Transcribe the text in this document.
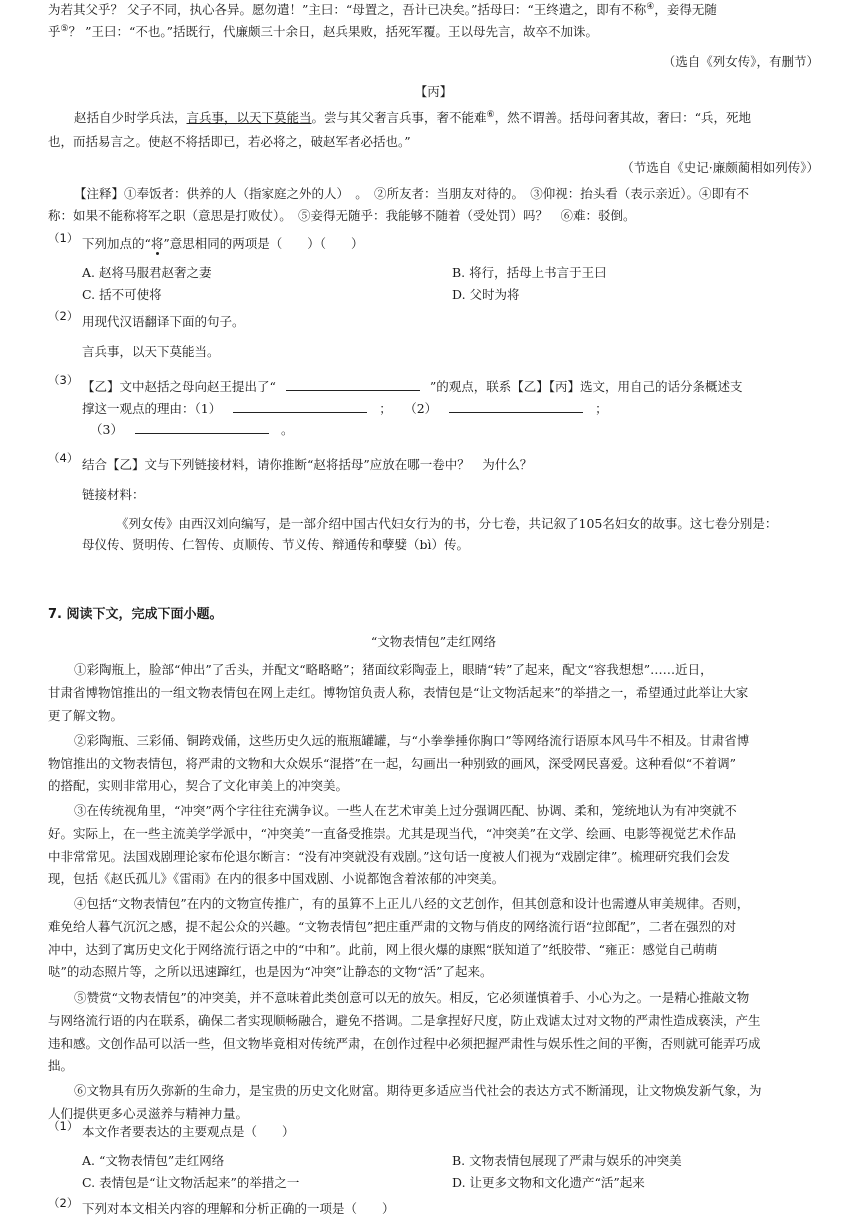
为若其父乎？ 父子不同，执心各异。愿勿遣！”主曰：“母置之，吾计已决矣。”括母曰：“王终遣之，即有不称④，妾得无随
乎⑤？ ”王曰：“不也。”括既行，代廉颇三十余日，赵兵果败，括死军覆。王以母先言，故卒不加诛。
（选自《列女传》，有删节）
【丙】
赵括自少时学兵法，言兵事，以天下莫能当。尝与其父奢言兵事，奢不能难⑥，然不谓善。括母问奢其故，奢曰：“兵，死地
也，而括易言之。使赵不将括即已，若必将之，破赵军者必括也。”
（节选自《史记·廉颇蔺相如列传》）
【注释】①奉饭者：供养的人（指家庭之外的人）　。　②所友者：当朋友对待的。　③仰视：抬头看（表示亲近）。④即有不
称：如果不能称将军之职（意思是打败仗）。　⑤妾得无随乎：我能够不随着（受处罚）吗？　⑥难：驳倒。
（1） 下列加点的“将”意思相同的两项是（　　）（　　）
A. 赵将马服君赵奢之妻	B. 将行，括母上书言于王曰
C. 括不可使将	D. 父时为将
（2） 用现代汉语翻译下面的句子。
言兵事，以天下莫能当。
（3） 【乙】文中赵括之母向赵王提出了“	”的观点，联系【乙】【丙】选文，用自己的话分条概述支
撑这一观点的理由：（1）	；　　（2）	；
（3）	。
（4） 结合【乙】文与下列链接材料，请你推断“赵将括母”应放在哪一卷中？　为什么？
链接材料：
《列女传》由西汉刘向编写，是一部介绍中国古代妇女行为的书，分七卷，共记叙了105名妇女的故事。这七卷分别是：
母仪传、贤明传、仁智传、贞顺传、节义传、辩通传和孽嬖（bì）传。
7. 阅读下文，完成下面小题。
“文物表情包”走红网络
①彩陶瓶上，脸部“伸出”了舌头，并配文“略略略”；猪面纹彩陶壶上，眼睛“转”了起来，配文“容我想想”……近日，
甘肃省博物馆推出的一组文物表情包在网上走红。博物馆负责人称，表情包是“让文物活起来”的举措之一，希望通过此举让大家
更了解文物。
②彩陶瓶、三彩俑、铜跨戏俑，这些历史久远的瓶瓶罐罐，与“小拳拳捶你胸口”等网络流行语原本风马牛不相及。甘肃省博
物馆推出的文物表情包，将严肃的文物和大众娱乐“混搭”在一起，勾画出一种别致的画风，深受网民喜爱。这种看似“不着调”
的搭配，实则非常用心，契合了文化审美上的冲突美。
③在传统视角里，“冲突”两个字往往充满争议。一些人在艺术审美上过分强调匹配、协调、柔和，笼统地认为有冲突就不
好。实际上，在一些主流美学学派中，“冲突美”一直备受推崇。尤其是现当代，“冲突美”在文学、绘画、电影等视觉艺术作品
中非常常见。法国戏剧理论家布伦退尔断言：“没有冲突就没有戏剧。”这句话一度被人们视为“戏剧定律”。梳理研究我们会发
现，包括《赵氏孤儿》《雷雨》在内的很多中国戏剧、小说都饱含着浓郁的冲突美。
④包括“文物表情包”在内的文物宣传推广，有的虽算不上正儿八经的文艺创作，但其创意和设计也需遵从审美规律。否则，
难免给人暮气沉沉之感，提不起公众的兴趣。“文物表情包”把庄重严肃的文物与俏皮的网络流行语“拉郎配”，二者在强烈的对
冲中，达到了寓历史文化于网络流行语之中的“中和”。此前，网上很火爆的康熙“朕知道了”纸胶带、“雍正：感觉自己萌萌
哒”的动态照片等，之所以迅速蹿红，也是因为“冲突”让静态的文物“活”了起来。
⑤赞赏“文物表情包”的冲突美，并不意味着此类创意可以无的放矢。相反，它必须谨慎着手、小心为之。一是精心推敲文物
与网络流行语的内在联系，确保二者实现顺畅融合，避免不搭调。二是拿捏好尺度，防止戏谑太过对文物的严肃性造成亵渎，产生
违和感。文创作品可以活一些，但文物毕竟相对传统严肃，在创作过程中必须把握严肃性与娱乐性之间的平衡，否则就可能弄巧成
拙。
⑥文物具有历久弥新的生命力，是宝贵的历史文化财富。期待更多适应当代社会的表达方式不断涌现，让文物焕发新气象，为
人们提供更多心灵滋养与精神力量。
（1） 本文作者要表达的主要观点是（　　）
A. “文物表情包”走红网络	B. 文物表情包展现了严肃与娱乐的冲突美
C. 表情包是“让文物活起来”的举措之一	D. 让更多文物和文化遗产“活”起来
（2） 下列对本文相关内容的理解和分析正确的一项是（　　）
